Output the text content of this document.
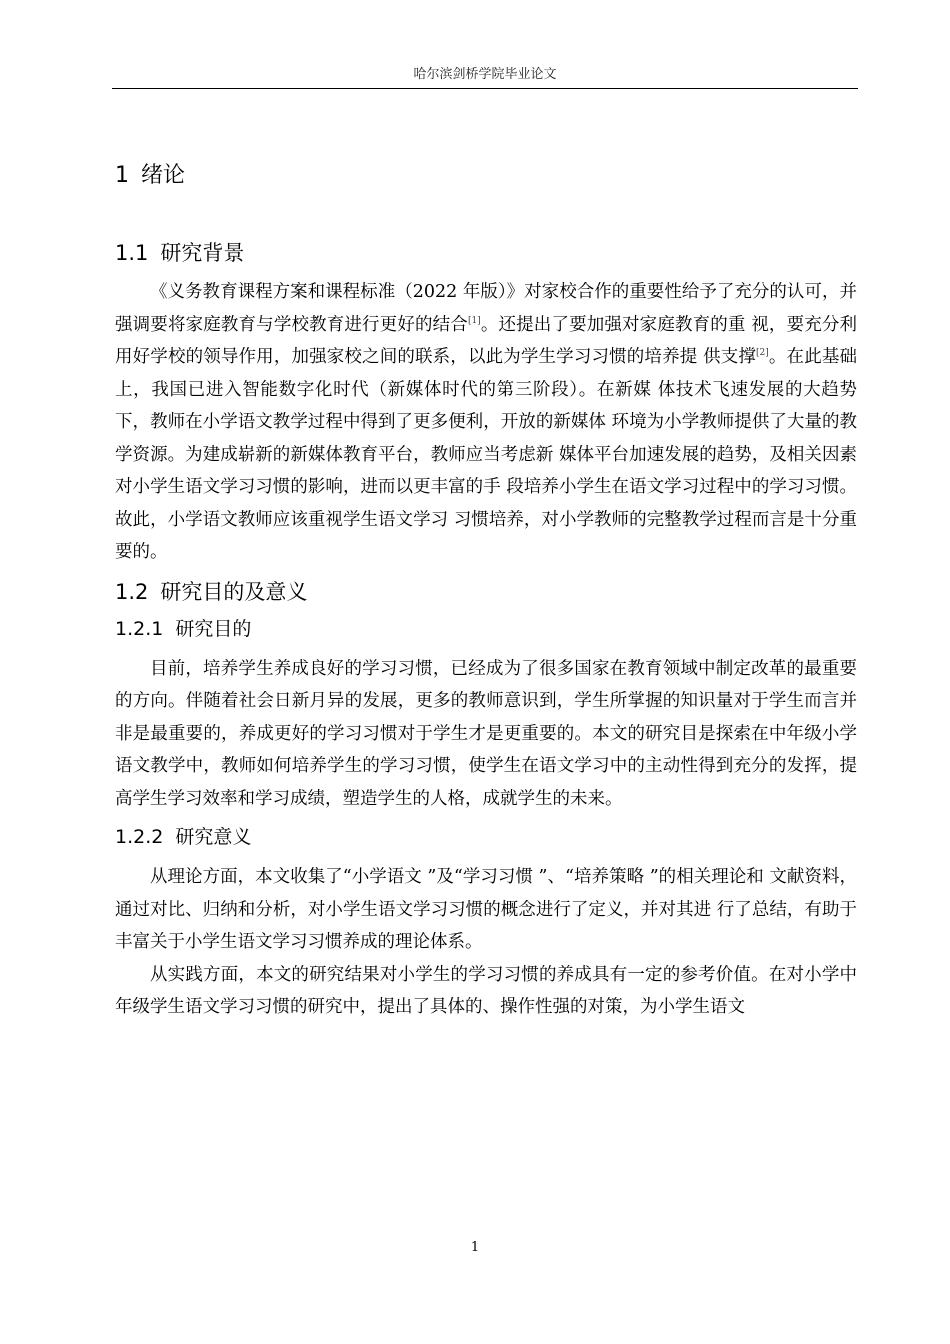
哈尔滨剑桥学院毕业论文
1 绪论
1.1 研究背景

《义务教育课程方案和课程标准（2022 年版）》对家校合作的重要性给予了充分的认可，并强调要将家庭教育与学校教育进行更好的结合[1]。还提出了要加强对家庭教育的重 视，要充分利用好学校的领导作用，加强家校之间的联系，以此为学生学习习惯的培养提 供支撑[2]。在此基础上，我国已进入智能数字化时代（新媒体时代的第三阶段）。在新媒 体技术飞速发展的大趋势下，教师在小学语文教学过程中得到了更多便利，开放的新媒体 环境为小学教师提供了大量的教学资源。为建成崭新的新媒体教育平台，教师应当考虑新 媒体平台加速发展的趋势，及相关因素对小学生语文学习习惯的影响，进而以更丰富的手 段培养小学生在语文学习过程中的学习习惯。故此，小学语文教师应该重视学生语文学习 习惯培养，对小学教师的完整教学过程而言是十分重要的。

1.2 研究目的及意义
1.2.1 研究目的

目前，培养学生养成良好的学习习惯，已经成为了很多国家在教育领域中制定改革的最重要的方向。伴随着社会日新月异的发展，更多的教师意识到，学生所掌握的知识量对于学生而言并非是最重要的，养成更好的学习习惯对于学生才是更重要的。本文的研究目是探索在中年级小学语文教学中，教师如何培养学生的学习习惯，使学生在语文学习中的主动性得到充分的发挥，提高学生学习效率和学习成绩，塑造学生的人格，成就学生的未来。

1.2.2 研究意义

从理论方面，本文收集了“小学语文 ”及“学习习惯 ”、“培养策略 ”的相关理论和 文献资料，通过对比、归纳和分析，对小学生语文学习习惯的概念进行了定义，并对其进 行了总结，有助于丰富关于小学生语文学习习惯养成的理论体系。

从实践方面，本文的研究结果对小学生的学习习惯的养成具有一定的参考价值。在对小学中年级学生语文学习习惯的研究中，提出了具体的、操作性强的对策，为小学生语文

1
